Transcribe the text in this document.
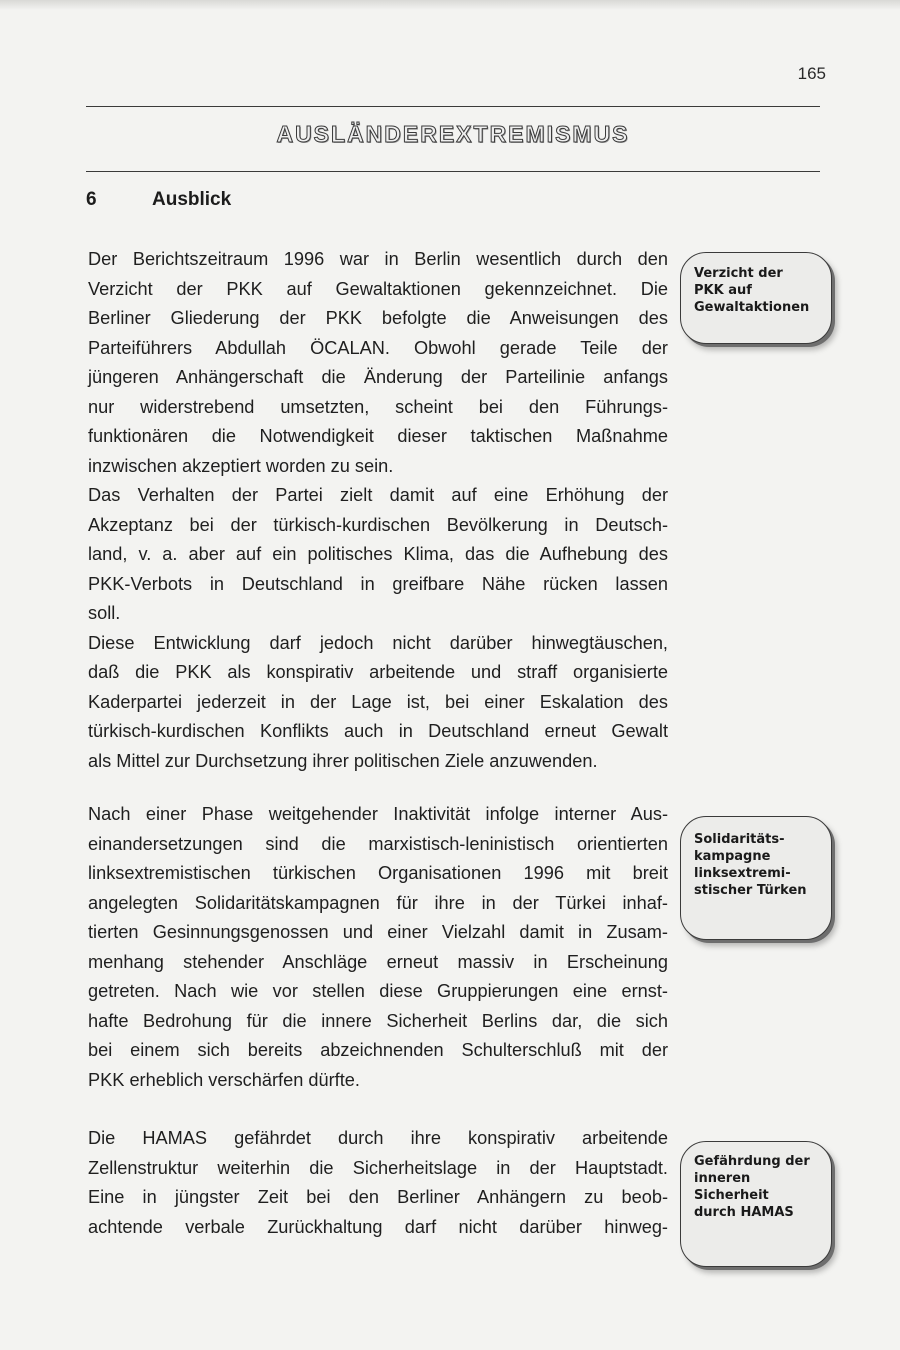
165
AUSLÄNDEREXTREMISMUS
6	Ausblick
Der Berichtszeitraum 1996 war in Berlin wesentlich durch den
Verzicht der PKK auf Gewaltaktionen gekennzeichnet. Die
Berliner Gliederung der PKK befolgte die Anweisungen des
Parteiführers Abdullah ÖCALAN. Obwohl gerade Teile der
jüngeren Anhängerschaft die Änderung der Parteilinie anfangs
nur widerstrebend umsetzten, scheint bei den Führungs-
funktionären die Notwendigkeit dieser taktischen Maßnahme
inzwischen akzeptiert worden zu sein.
Das Verhalten der Partei zielt damit auf eine Erhöhung der
Akzeptanz bei der türkisch-kurdischen Bevölkerung in Deutsch-
land, v. a. aber auf ein politisches Klima, das die Aufhebung des
PKK-Verbots in Deutschland in greifbare Nähe rücken lassen
soll.
Diese Entwicklung darf jedoch nicht darüber hinwegtäuschen,
daß die PKK als konspirativ arbeitende und straff organisierte
Kaderpartei jederzeit in der Lage ist, bei einer Eskalation des
türkisch-kurdischen Konflikts auch in Deutschland erneut Gewalt
als Mittel zur Durchsetzung ihrer politischen Ziele anzuwenden.
Nach einer Phase weitgehender Inaktivität infolge interner Aus-
einandersetzungen sind die marxistisch-leninistisch orientierten
linksextremistischen türkischen Organisationen 1996 mit breit
angelegten Solidaritätskampagnen für ihre in der Türkei inhaf-
tierten Gesinnungsgenossen und einer Vielzahl damit in Zusam-
menhang stehender Anschläge erneut massiv in Erscheinung
getreten. Nach wie vor stellen diese Gruppierungen eine ernst-
hafte Bedrohung für die innere Sicherheit Berlins dar, die sich
bei einem sich bereits abzeichnenden Schulterschluß mit der
PKK erheblich verschärfen dürfte.
Die HAMAS gefährdet durch ihre konspirativ arbeitende
Zellenstruktur weiterhin die Sicherheitslage in der Hauptstadt.
Eine in jüngster Zeit bei den Berliner Anhängern zu beob-
achtende verbale Zurückhaltung darf nicht darüber hinweg-
Verzicht der
PKK auf
Gewaltaktionen
Solidaritäts-
kampagne
linksextremi-
stischer Türken
Gefährdung der
inneren
Sicherheit
durch HAMAS
